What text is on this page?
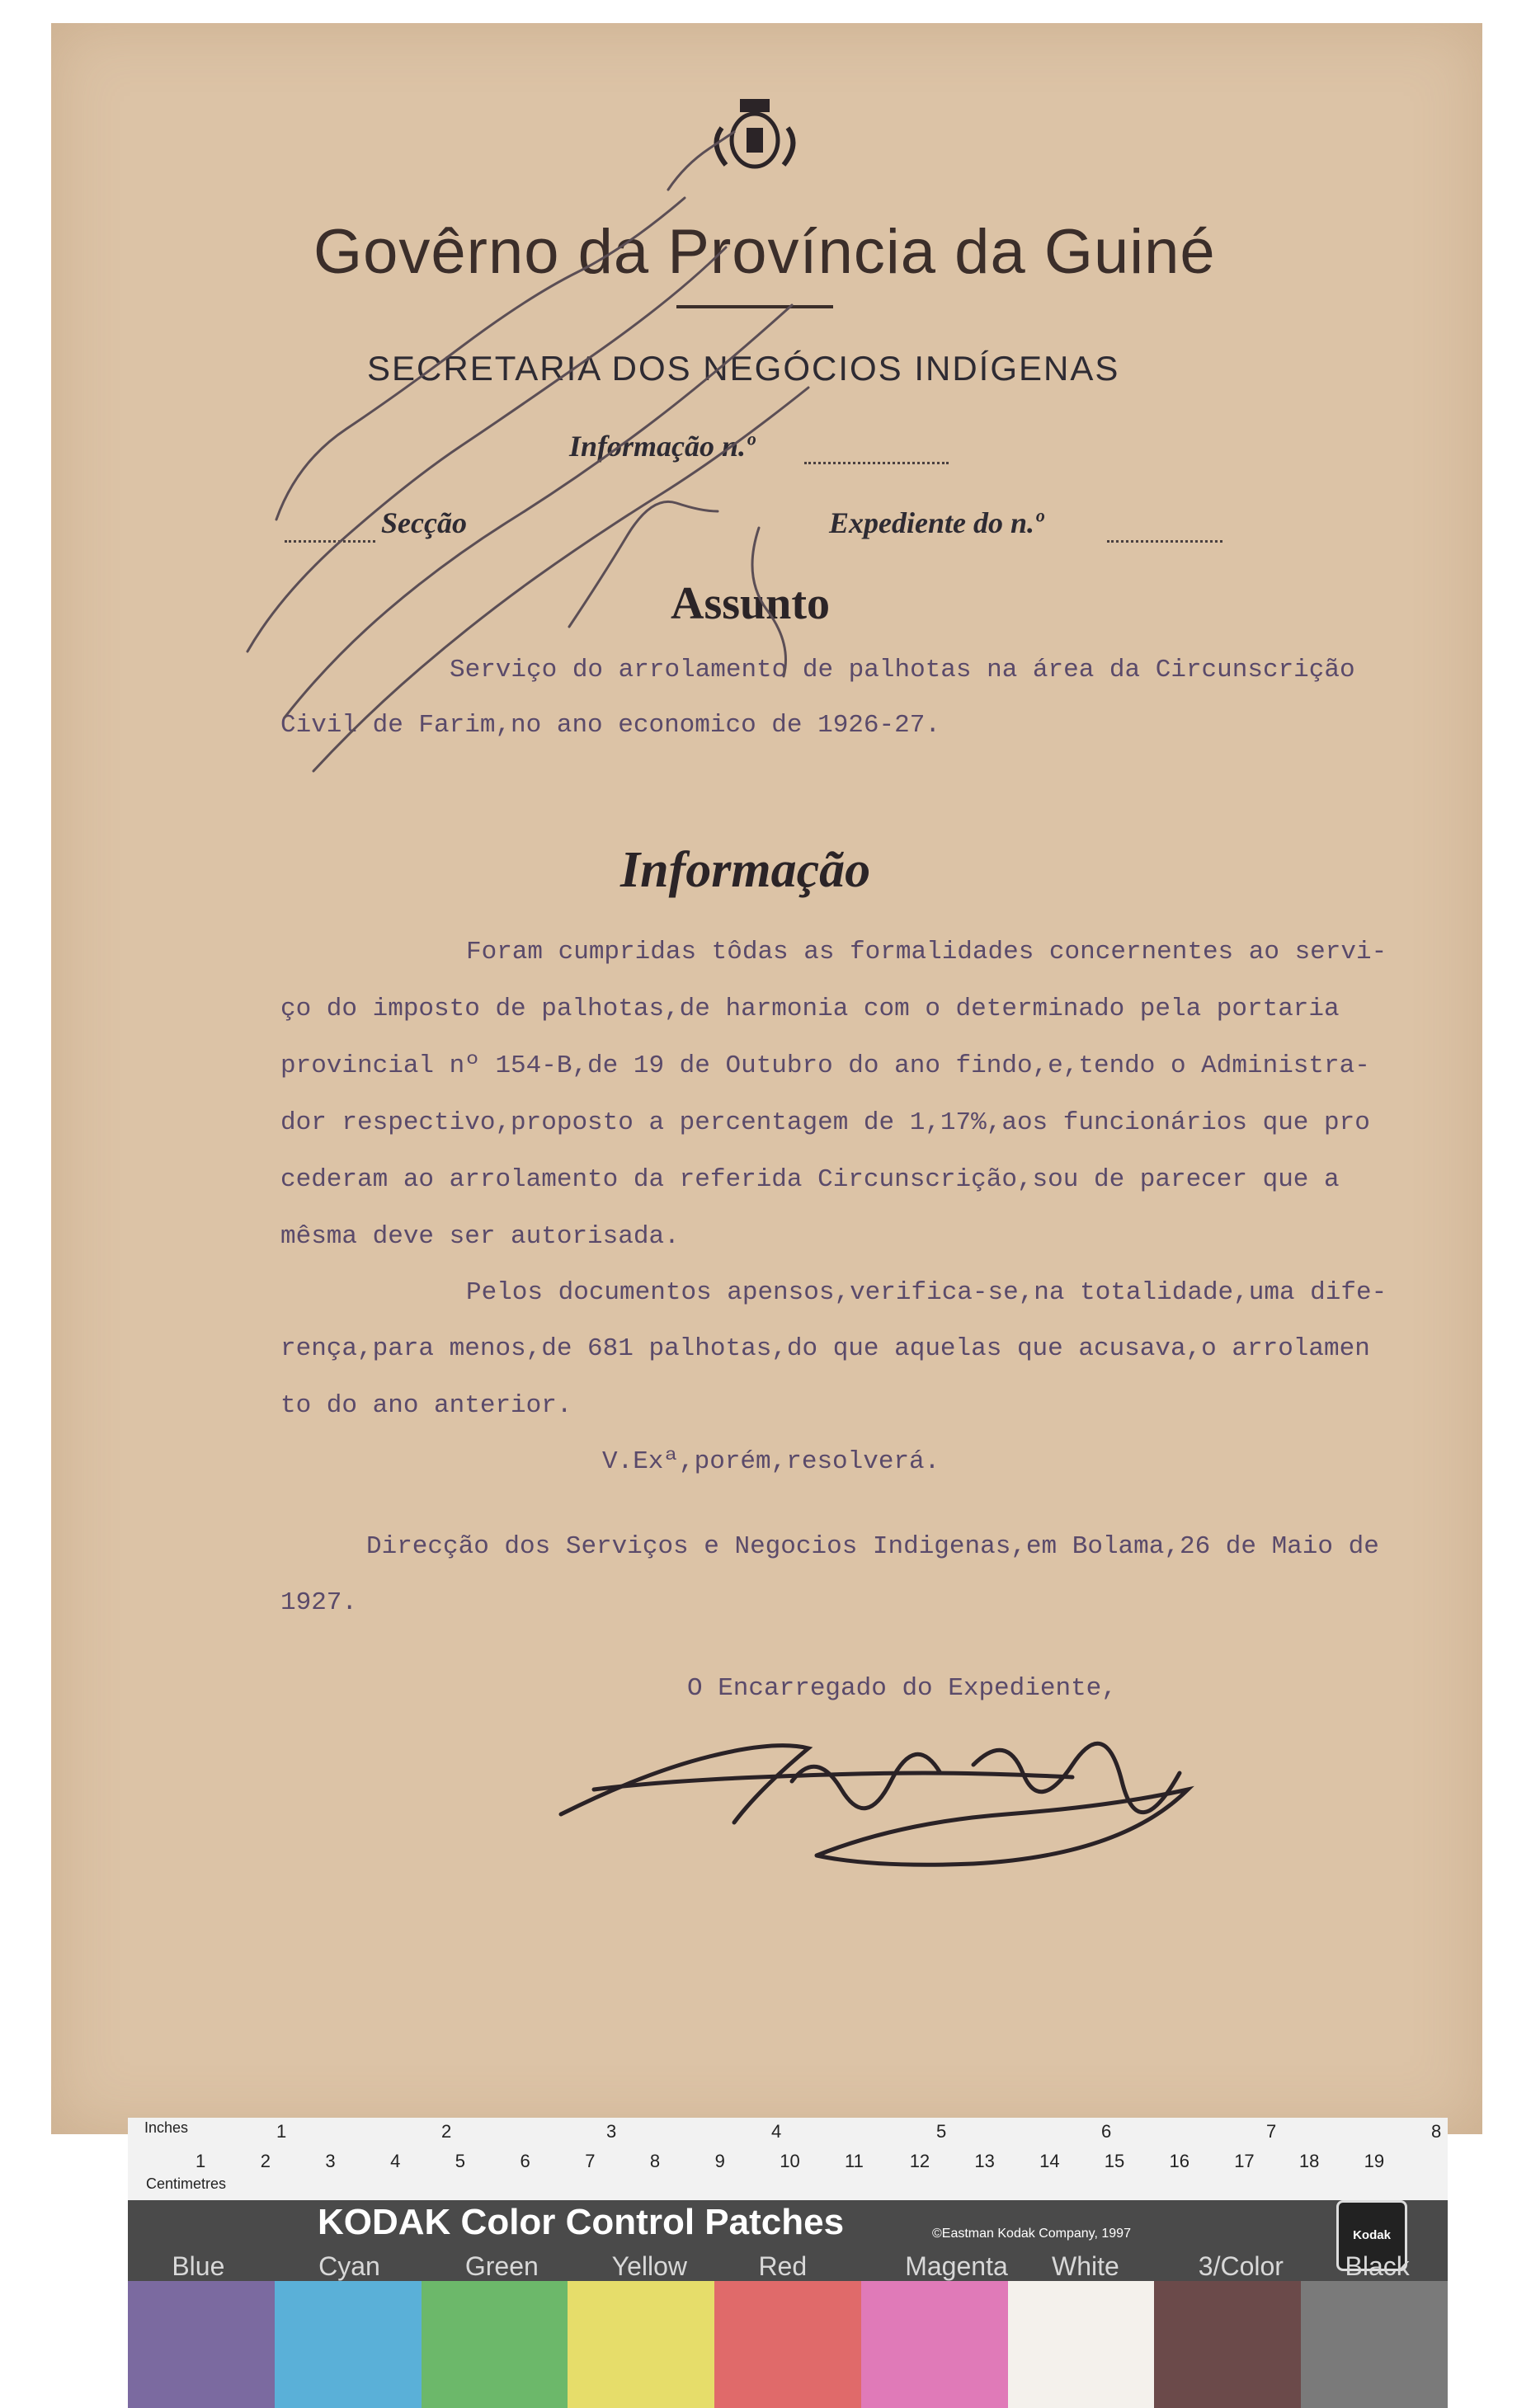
Govêrno da Província da Guiné
SECRETARIA DOS NEGÓCIOS INDÍGENAS
Informação n.º
Secção	Expediente do n.º
Assunto
Serviço do arrolamento de palhotas na área da Circunscrição
Civil de Farim,no ano economico de 1926-27.
Informação
Foram cumpridas tôdas as formalidades concernentes ao servi-
ço do imposto de palhotas,de harmonia com o determinado pela portaria
provincial nº 154-B,de 19 de Outubro do ano findo,e,tendo o Administra-
dor respectivo,proposto a percentagem de 1,17%,aos funcionários que pro
cederam ao arrolamento da referida Circunscrição,sou de parecer que a
mêsma deve ser autorisada.
Pelos documentos apensos,verifica-se,na totalidade,uma dife-
rença,para menos,de 681 palhotas,do que aquelas que acusava,o arrolamen
to do ano anterior.
V.Exª,porém,resolverá.
Direcção dos Serviços e Negocios Indigenas,em Bolama,26 de Maio de
1927.
O Encarregado do Expediente,
Inches
Centimetres
1	2	3	4	5	6	7	8
1	2	3	4	5	6	7	8	9	10 11	12 13 14 15 16 17 18 19
KODAK Color Control Patches	©Eastman Kodak Company, 1997	Kodak
Blue	Cyan	Green	Yellow	Red	Magenta White	3/Color Black
